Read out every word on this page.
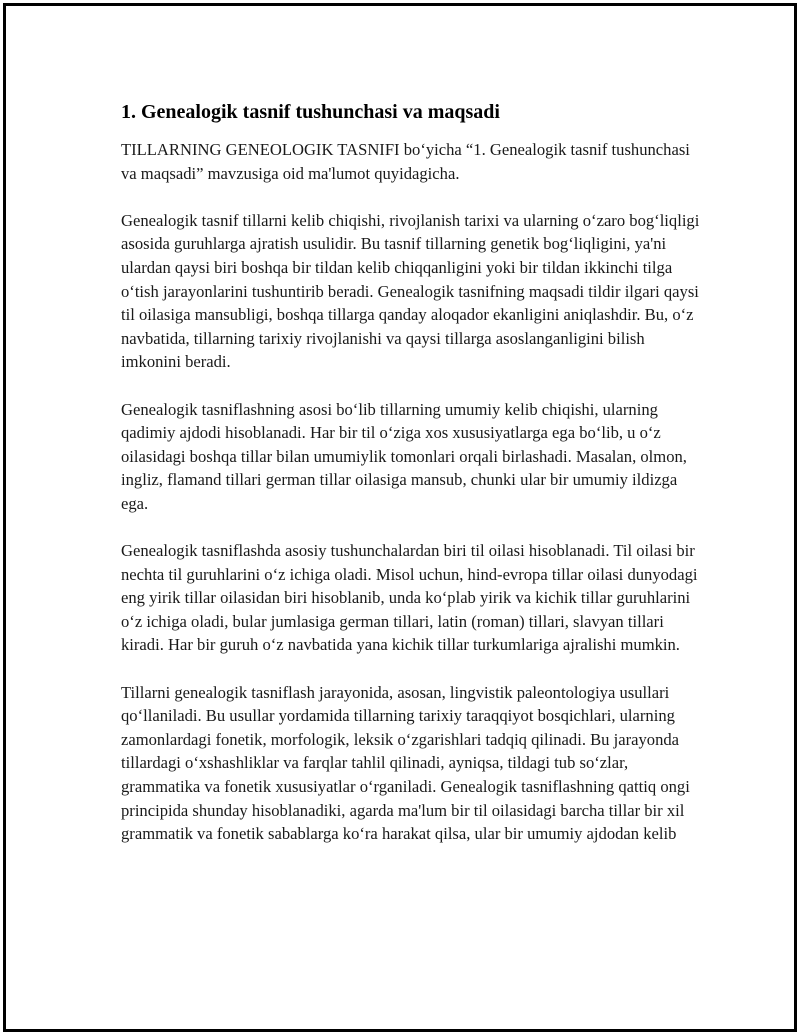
1. Genealogik tasnif tushunchasi va maqsadi

TILLARNING GENEOLOGIK TASNIFI bo‘yicha “1. Genealogik tasnif tushunchasi va maqsadi” mavzusiga oid ma'lumot quyidagicha.

Genealogik tasnif tillarni kelib chiqishi, rivojlanish tarixi va ularning o‘zaro bog‘liqligi asosida guruhlarga ajratish usulidir. Bu tasnif tillarning genetik bog‘liqligini, ya'ni ulardan qaysi biri boshqa bir tildan kelib chiqqanligini yoki bir tildan ikkinchi tilga o‘tish jarayonlarini tushuntirib beradi. Genealogik tasnifning maqsadi tildir ilgari qaysi til oilasiga mansubligi, boshqa tillarga qanday aloqador ekanligini aniqlashdir. Bu, o‘z navbatida, tillarning tarixiy rivojlanishi va qaysi tillarga asoslanganligini bilish imkonini beradi.

Genealogik tasniflashning asosi bo‘lib tillarning umumiy kelib chiqishi, ularning qadimiy ajdodi hisoblanadi. Har bir til o‘ziga xos xususiyatlarga ega bo‘lib, u o‘z oilasidagi boshqa tillar bilan umumiylik tomonlari orqali birlashadi. Masalan, olmon, ingliz, flamand tillari german tillar oilasiga mansub, chunki ular bir umumiy ildizga ega.

Genealogik tasniflashda asosiy tushunchalardan biri til oilasi hisoblanadi. Til oilasi bir nechta til guruhlarini o‘z ichiga oladi. Misol uchun, hind-evropa tillar oilasi dunyodagi eng yirik tillar oilasidan biri hisoblanib, unda ko‘plab yirik va kichik tillar guruhlarini o‘z ichiga oladi, bular jumlasiga german tillari, latin (roman) tillari, slavyan tillari kiradi. Har bir guruh o‘z navbatida yana kichik tillar turkumlariga ajralishi mumkin.

Tillarni genealogik tasniflash jarayonida, asosan, lingvistik paleontologiya usullari qo‘llaniladi. Bu usullar yordamida tillarning tarixiy taraqqiyot bosqichlari, ularning zamonlardagi fonetik, morfologik, leksik o‘zgarishlari tadqiq qilinadi. Bu jarayonda tillardagi o‘xshashliklar va farqlar tahlil qilinadi, ayniqsa, tildagi tub so‘zlar, grammatika va fonetik xususiyatlar o‘rganiladi. Genealogik tasniflashning qattiq ongi principida shunday hisoblanadiki, agarda ma'lum bir til oilasidagi barcha tillar bir xil grammatik va fonetik sabablarga ko‘ra harakat qilsa, ular bir umumiy ajdodan kelib
